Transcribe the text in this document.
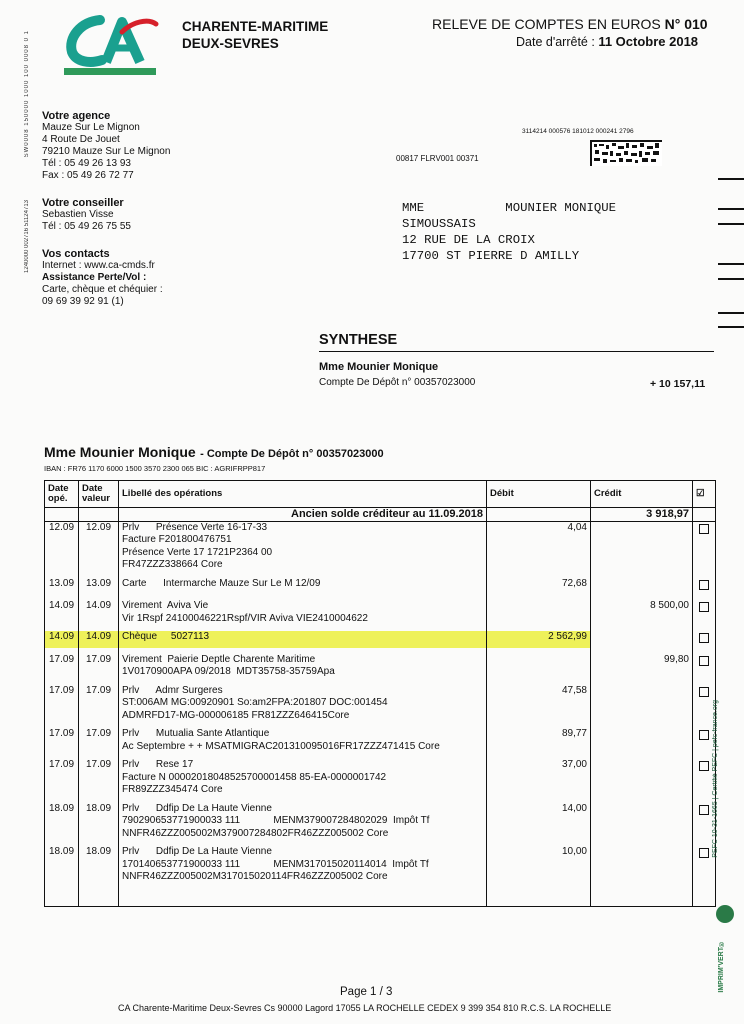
CHARENTE-MARITIME
DEUX-SEVRES
RELEVE DE COMPTES EN EUROS N° 010
Date d'arrêté : 11 Octobre 2018
SW0008 150000 1000 100 0008 0 1
1240000 002716 51124713
Votre agence
Mauze Sur Le Mignon
4 Route De Jouet
79210 Mauze Sur Le Mignon
Tél : 05 49 26 13 93
Fax : 05 49 26 72 77
Votre conseiller
Sebastien Visse
Tél : 05 49 26 75 55
Vos contacts
Internet : www.ca-cmds.fr
Assistance Perte/Vol :
Carte, chèque et chéquier :
09 69 39 92 91 (1)
3114214 000576 181012 000241 2796
00817 FLRV001 00371
MME           MOUNIER MONIQUE
SIMOUSSAIS
12 RUE DE LA CROIX
17700 ST PIERRE D AMILLY
SYNTHESE
Mme Mounier Monique
Compte De Dépôt n° 00357023000	+ 10 157,11
Mme Mounier Monique - Compte De Dépôt n° 00357023000
IBAN : FR76 1170 6000 1500 3570 2300 065 BIC : AGRIFRPP817
Date opé.	Date valeur	Libellé des opérations	Débit	Crédit	☑
		Ancien solde créditeur au 11.09.2018		3 918,97	
12.09	12.09	Prlv      Présence Verte 16-17-33
Facture F201800476751
Présence Verte 17 1721P2364 00
FR47ZZZ338664 Core	4,04		

13.09	13.09	Carte      Intermarche Mauze Sur Le M 12/09	72,68		

14.09	14.09	Virement  Aviva Vie
Vir 1Rspf 24100046221Rspf/VIR Aviva VIE2410004622		8 500,00	

14.09	14.09	Chèque     5027113	2 562,99		

17.09	17.09	Virement  Paierie Deptle Charente Maritime
1V0170900APA 09/2018  MDT35758-35759Apa		99,80	

17.09	17.09	Prlv      Admr Surgeres
ST:006AM MG:00920901 So:am2FPA:201807 DOC:001454
ADMRFD17-MG-000006185 FR81ZZZ646415Core	47,58		

17.09	17.09	Prlv      Mutualia Sante Atlantique
Ac Septembre + + MSATMIGRAC201310095016FR17ZZZ471415 Core	89,77		

17.09	17.09	Prlv      Rese 17
Facture N 00002018048525700001458 85-EA-0000001742
FR89ZZZ345474 Core	37,00		

18.09	18.09	Prlv      Ddfip De La Haute Vienne
790290653771900033 111            MENM379007284802029  Impôt Tf
NNFR46ZZZ005002M379007284802FR46ZZZ005002 Core	14,00		

18.09	18.09	Prlv      Ddfip De La Haute Vienne
170140653771900033 111            MENM317015020114014  Impôt Tf
NNFR46ZZZ005002M317015020114FR46ZZZ005002 Core	10,00		
						PEFC 10-31-1665 | Certifié PEFC | pefc-france.org
IMPRIM'VERT®
Page 1 / 3
CA Charente-Maritime Deux-Sevres Cs 90000 Lagord 17055 LA ROCHELLE CEDEX 9 399 354 810 R.C.S. LA ROCHELLE
